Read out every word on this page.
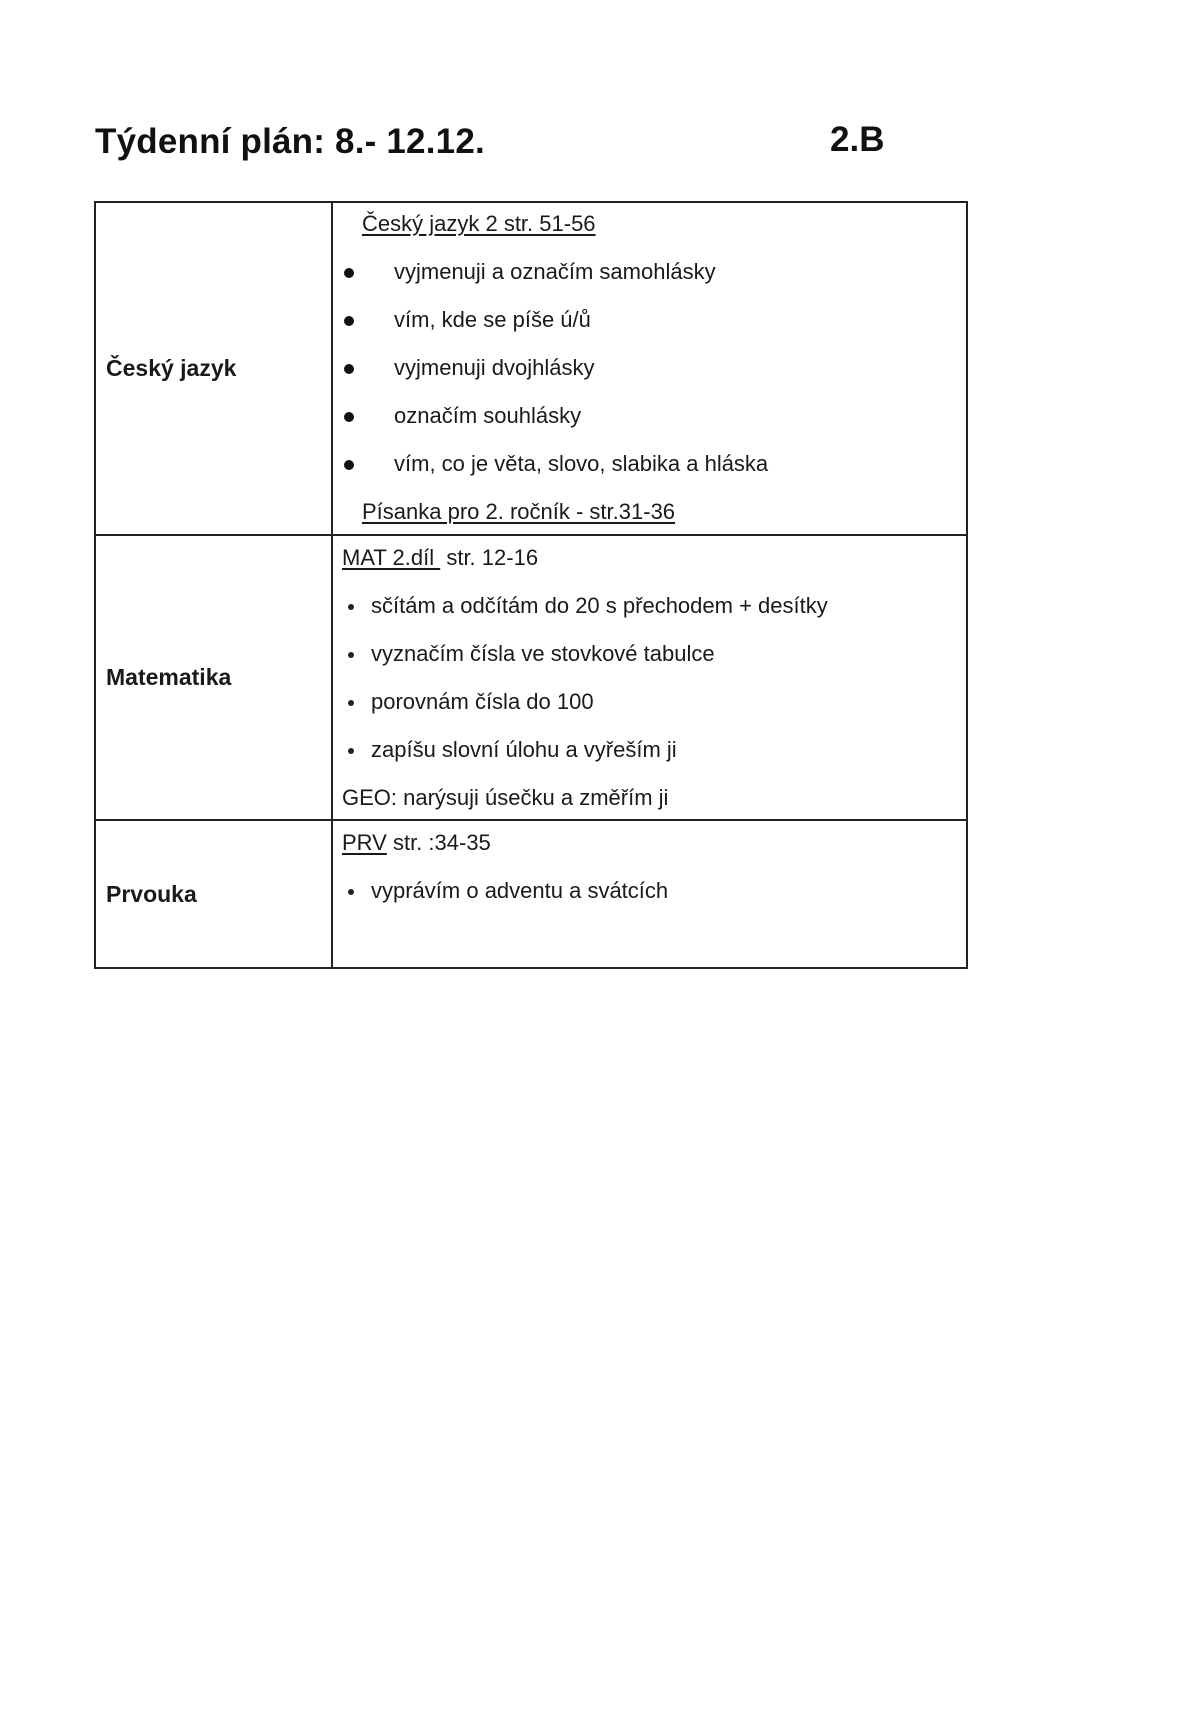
Týdenní plán: 8.- 12.12.	2.B
Český jazyk
Český jazyk 2 str. 51-56
vyjmenuji a označím samohlásky
vím, kde se píše ú/ů
vyjmenuji dvojhlásky
označím souhlásky
vím, co je věta, slovo, slabika a hláska
Písanka pro 2. ročník - str.31-36
Matematika
MAT 2.díl str. 12-16
sčítám a odčítám do 20 s přechodem + desítky
vyznačím čísla ve stovkové tabulce
porovnám čísla do 100
zapíšu slovní úlohu a vyřeším ji
GEO: narýsuji úsečku a změřím ji
Prvouka
PRV str. :34-35
vyprávím o adventu a svátcích
